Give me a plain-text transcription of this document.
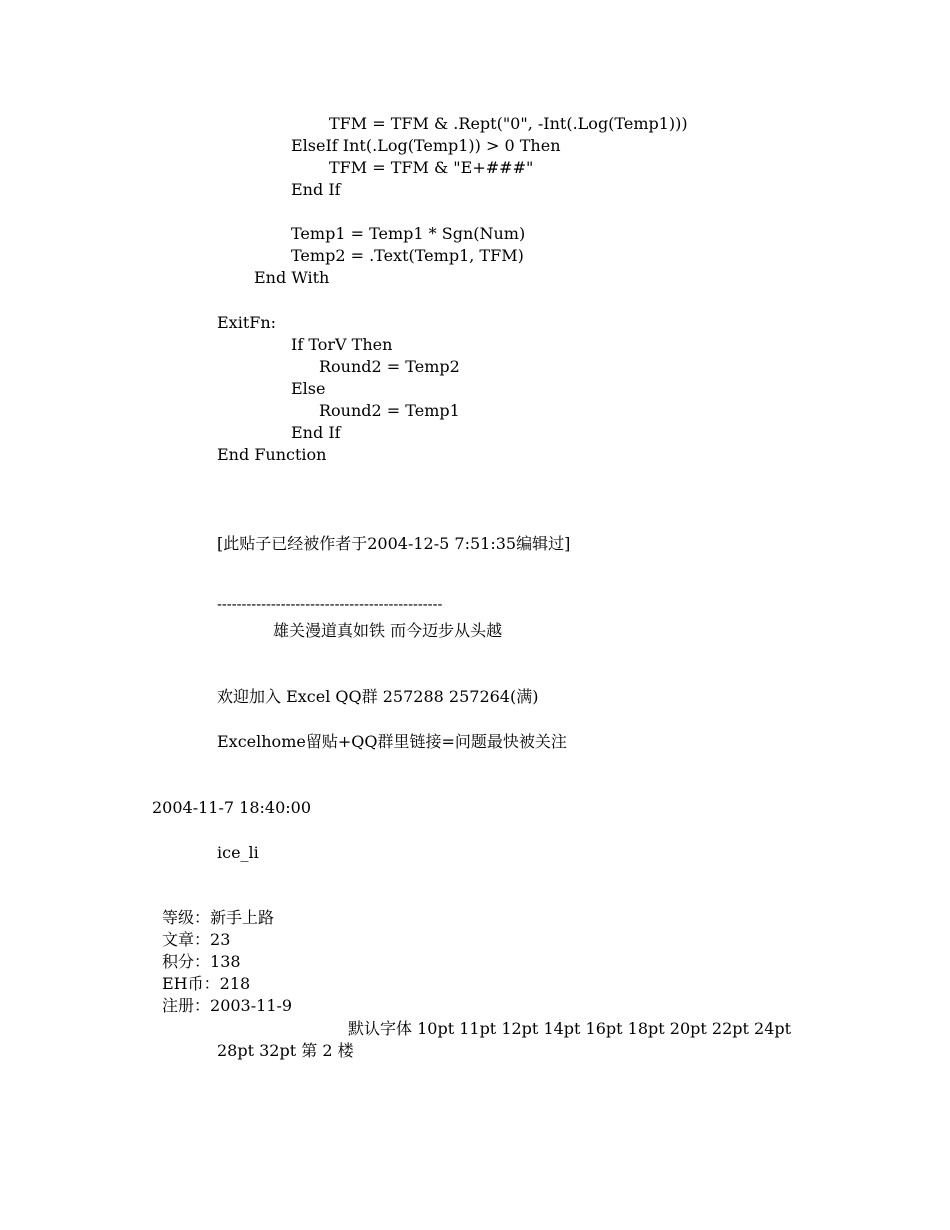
TFM = TFM & .Rept("0", -Int(.Log(Temp1)))
ElseIf Int(.Log(Temp1)) > 0 Then
TFM = TFM & "E+###"
End If
Temp1 = Temp1 * Sgn(Num)
Temp2 = .Text(Temp1, TFM)
End With
ExitFn:
If TorV Then
Round2 = Temp2
Else
Round2 = Temp1
End If
End Function
[此贴子已经被作者于2004-12-5 7:51:35编辑过]
----------------------------------------------
雄关漫道真如铁 而今迈步从头越
欢迎加入 Excel QQ群 257288 257264(满)
Excelhome留贴+QQ群里链接=问题最快被关注
2004-11-7 18:40:00
ice_li
等级：新手上路
文章：23
积分：138
EH币：218
注册：2003-11-9
默认字体 10pt 11pt 12pt 14pt 16pt 18pt 20pt 22pt 24pt
28pt 32pt 第 2 楼
